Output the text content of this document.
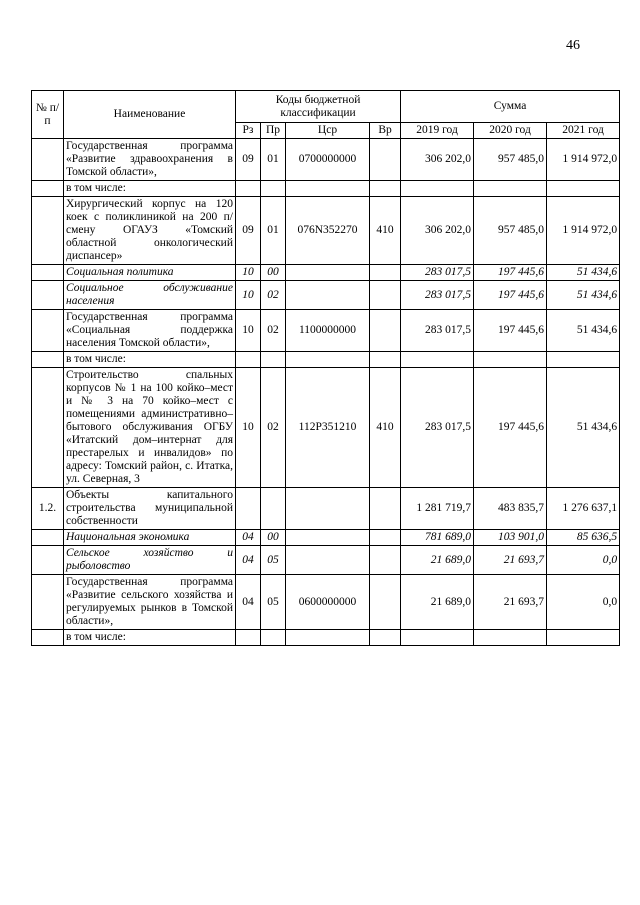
46
№ п/п	Наименование	Коды бюджетной классификации				Сумма		
		Рз	Пр	Цср	Вр	2019 год	2020 год	2021 год
	Государственная программа «Развитие здравоохранения в Томской области»,	09	01	0700000000		306 202,0	957 485,0	1 914 972,0
	в том числе:							
	Хирургический корпус на 120 коек с поликлиникой на 200 п/смену ОГАУЗ «Томский областной онкологический диспансер»	09	01	076N352270	410	306 202,0	957 485,0	1 914 972,0
	Социальная политика	10	00			283 017,5	197 445,6	51 434,6
	Социальное обслуживание населения	10	02			283 017,5	197 445,6	51 434,6
	Государственная программа «Социальная поддержка населения Томской области»,	10	02	1100000000		283 017,5	197 445,6	51 434,6
	в том числе:							
	Строительство спальных корпусов № 1 на 100 койко–мест и № 3 на 70 койко–мест с помещениями административно–бытового обслуживания ОГБУ «Итатский дом–интернат для престарелых и инвалидов» по адресу: Томский район, с. Итатка, ул. Северная, 3	10	02	112P351210	410	283 017,5	197 445,6	51 434,6
1.2.	Объекты капитального строительства муниципальной собственности					1 281 719,7	483 835,7	1 276 637,1
	Национальная экономика	04	00			781 689,0	103 901,0	85 636,5
	Сельское хозяйство и рыболовство	04	05			21 689,0	21 693,7	0,0
	Государственная программа «Развитие сельского хозяйства и регулируемых рынков в Томской области»,	04	05	0600000000		21 689,0	21 693,7	0,0
	в том числе:							
